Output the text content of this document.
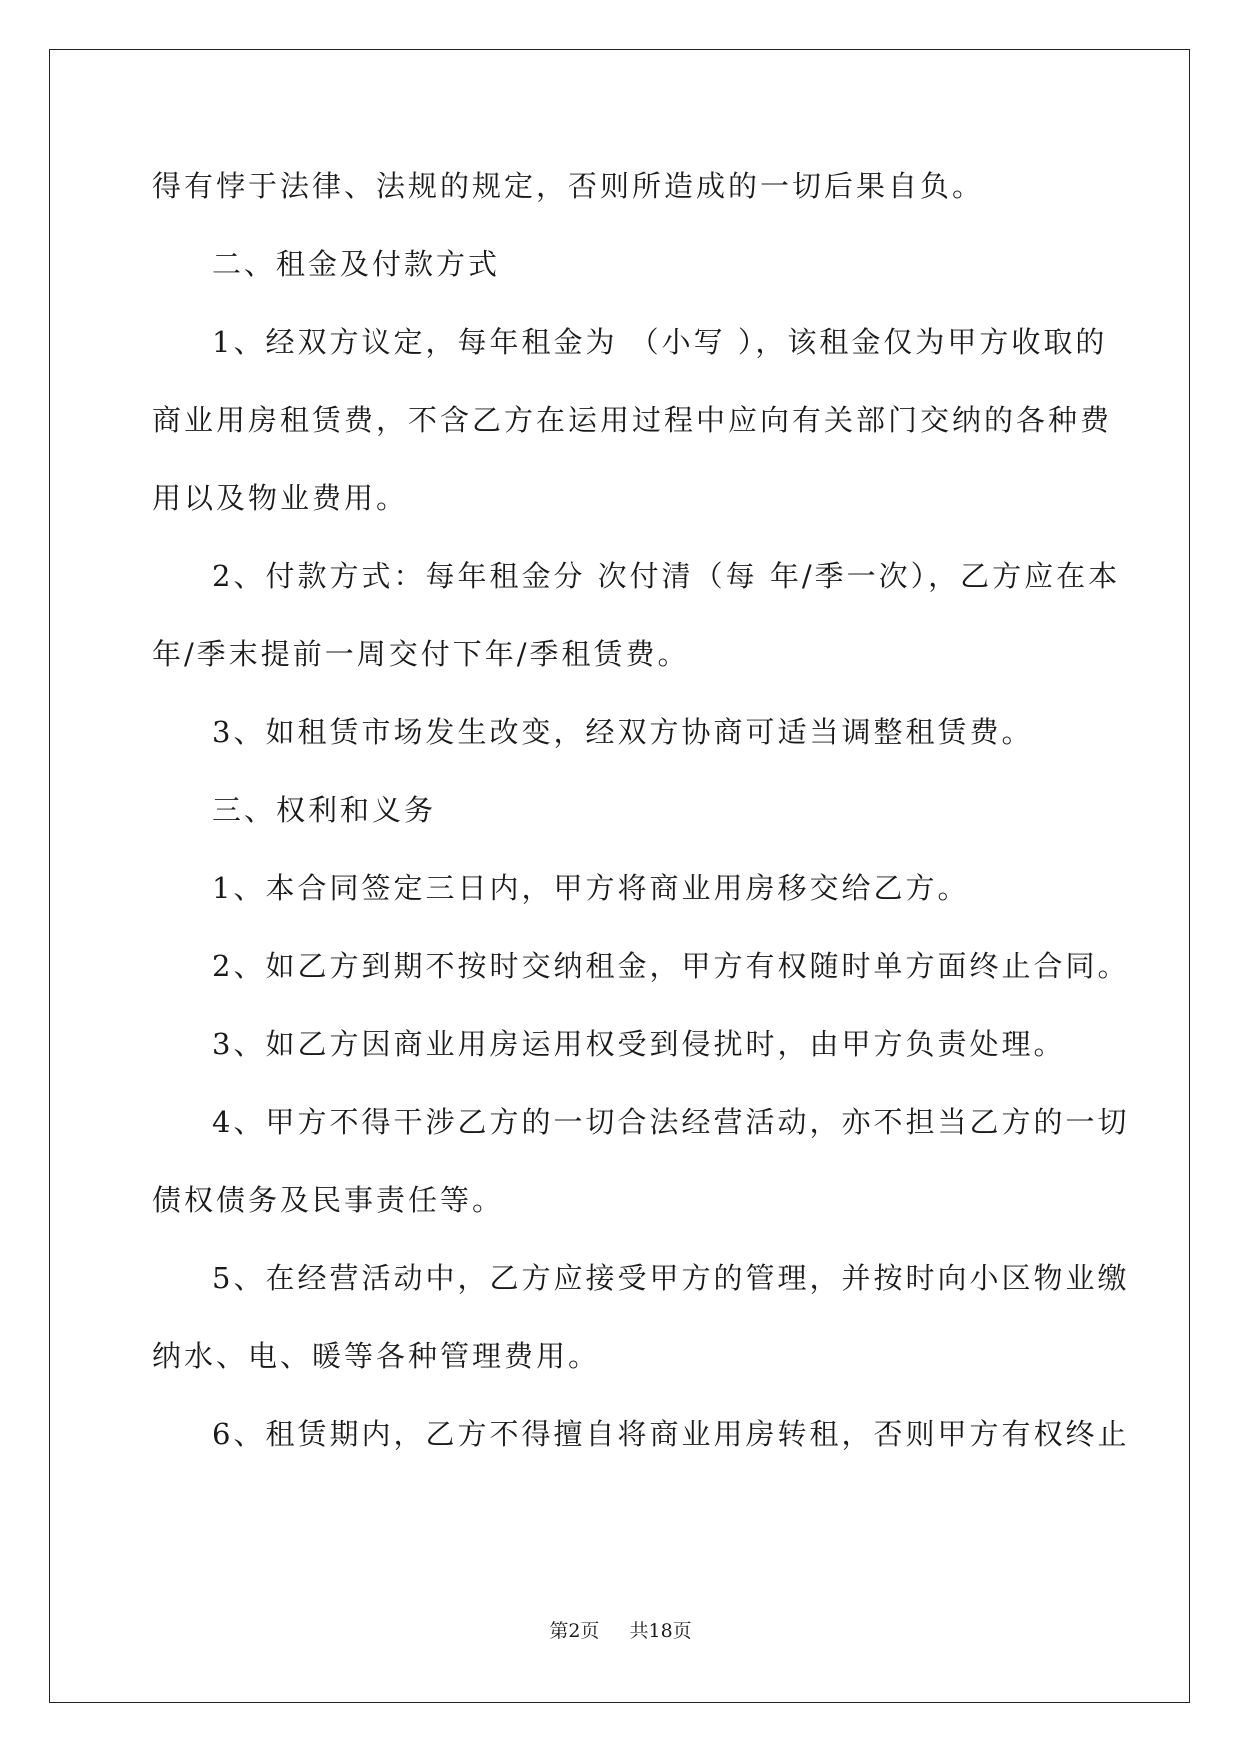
得有悖于法律、法规的规定，否则所造成的一切后果自负。
二、租金及付款方式
1、经双方议定，每年租金为 （小写 ），该租金仅为甲方收取的
商业用房租赁费，不含乙方在运用过程中应向有关部门交纳的各种费
用以及物业费用。
2、付款方式：每年租金分 次付清（每 年/季一次），乙方应在本
年/季末提前一周交付下年/季租赁费。
3、如租赁市场发生改变，经双方协商可适当调整租赁费。
三、权利和义务
1、本合同签定三日内，甲方将商业用房移交给乙方。
2、如乙方到期不按时交纳租金，甲方有权随时单方面终止合同。
3、如乙方因商业用房运用权受到侵扰时，由甲方负责处理。
4、甲方不得干涉乙方的一切合法经营活动，亦不担当乙方的一切
债权债务及民事责任等。
5、在经营活动中，乙方应接受甲方的管理，并按时向小区物业缴
纳水、电、暖等各种管理费用。
6、租赁期内，乙方不得擅自将商业用房转租，否则甲方有权终止
第2页 共18页
